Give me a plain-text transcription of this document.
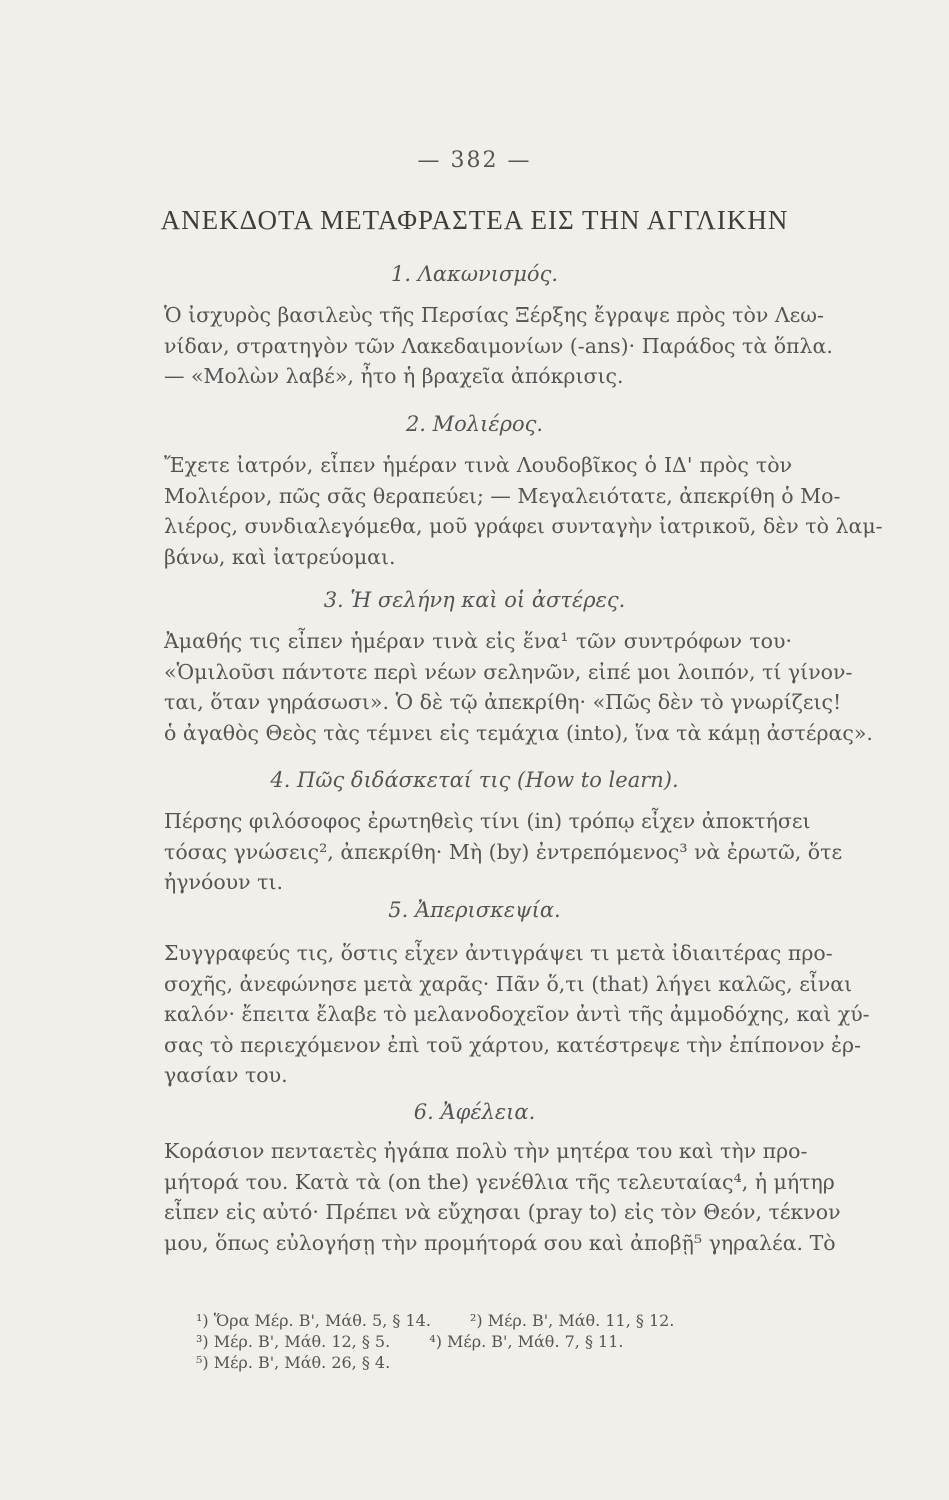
— 382 —
ΑΝΕΚΔΟΤΑ ΜΕΤΑΦΡΑΣΤΕΑ ΕΙΣ ΤΗΝ ΑΓΓΛΙΚΗΝ
1. Λακωνισμός.
Ὁ ἰσχυρὸς βασιλεὺς τῆς Περσίας Ξέρξης ἔγραψε πρὸς τὸν Λεω-
νίδαν, στρατηγὸν τῶν Λακεδαιμονίων (-ans)· Παράδος τὰ ὅπλα.
— «Μολὼν λαβέ», ἦτο ἡ βραχεῖα ἀπόκρισις.
2. Μολιέρος.
Ἔχετε ἰατρόν, εἶπεν ἡμέραν τινὰ Λουδοβῖκος ὁ ΙΔ' πρὸς τὸν
Μολιέρον, πῶς σᾶς θεραπεύει; — Μεγαλειότατε, ἀπεκρίθη ὁ Μο-
λιέρος, συνδιαλεγόμεθα, μοῦ γράφει συνταγὴν ἰατρικοῦ, δὲν τὸ λαμ-
βάνω, καὶ ἰατρεύομαι.
3. Ἡ σελήνη καὶ οἱ ἀστέρες.
Ἀμαθής τις εἶπεν ἡμέραν τινὰ εἰς ἕνα¹ τῶν συντρόφων του·
«Ὁμιλοῦσι πάντοτε περὶ νέων σεληνῶν, εἰπέ μοι λοιπόν, τί γίνον-
ται, ὅταν γηράσωσι». Ὁ δὲ τῷ ἀπεκρίθη· «Πῶς δὲν τὸ γνωρίζεις!
ὁ ἀγαθὸς Θεὸς τὰς τέμνει εἰς τεμάχια (into), ἵνα τὰ κάμῃ ἀστέρας».
4. Πῶς διδάσκεταί τις (How to learn).
Πέρσης φιλόσοφος ἐρωτηθεὶς τίνι (in) τρόπῳ εἶχεν ἀποκτήσει
τόσας γνώσεις², ἀπεκρίθη· Μὴ (by) ἐντρεπόμενος³ νὰ ἐρωτῶ, ὅτε
ἠγνόουν τι.
5. Ἀπερισκεψία.
Συγγραφεύς τις, ὅστις εἶχεν ἀντιγράψει τι μετὰ ἰδιαιτέρας προ-
σοχῆς, ἀνεφώνησε μετὰ χαρᾶς· Πᾶν ὅ,τι (that) λήγει καλῶς, εἶναι
καλόν· ἔπειτα ἔλαβε τὸ μελανοδοχεῖον ἀντὶ τῆς ἀμμοδόχης, καὶ χύ-
σας τὸ περιεχόμενον ἐπὶ τοῦ χάρτου, κατέστρεψε τὴν ἐπίπονον ἐρ-
γασίαν του.
6. Ἀφέλεια.
Κοράσιον πενταετὲς ἠγάπα πολὺ τὴν μητέρα του καὶ τὴν προ-
μήτορά του. Κατὰ τὰ (on the) γενέθλια τῆς τελευταίας⁴, ἡ μήτηρ
εἶπεν εἰς αὐτό· Πρέπει νὰ εὔχησαι (pray to) εἰς τὸν Θεόν, τέκνον
μου, ὅπως εὐλογήσῃ τὴν προμήτορά σου καὶ ἀποβῇ⁵ γηραλέα. Τὸ
¹) Ὅρα Μέρ. Β', Μάθ. 5, § 14. ²) Μέρ. Β', Μάθ. 11, § 12.
³) Μέρ. Β', Μάθ. 12, § 5. ⁴) Μέρ. Β', Μάθ. 7, § 11.
⁵) Μέρ. Β', Μάθ. 26, § 4.
